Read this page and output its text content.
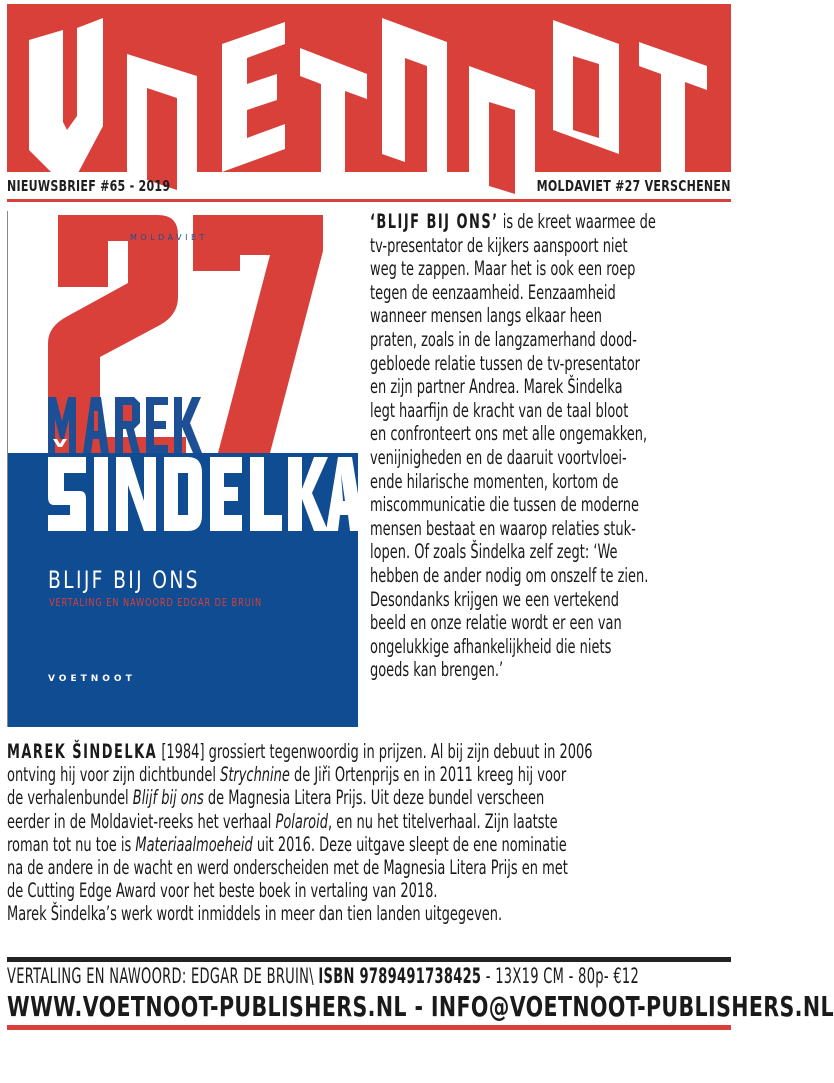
NIEUWSBRIEF #65 - 2019	MOLDAVIET #27 VERSCHENEN
MOLDAVIET
BLIJF BIJ ONS
VERTALING EN NAWOORD EDGAR DE BRUIN
VOETNOOT
‘BLIJF BIJ ONS’ is de kreet waarmee de
tv-presentator de kijkers aanspoort niet
weg te zappen. Maar het is ook een roep
tegen de eenzaamheid. Eenzaamheid
wanneer mensen langs elkaar heen
praten, zoals in de langzamerhand dood-
gebloede relatie tussen de tv-presentator
en zijn partner Andrea. Marek Šindelka
legt haarfijn de kracht van de taal bloot
en confronteert ons met alle ongemakken,
venijnigheden en de daaruit voortvloei-
ende hilarische momenten, kortom de
miscommunicatie die tussen de moderne
mensen bestaat en waarop relaties stuk-
lopen. Of zoals Šindelka zelf zegt: ‘We
hebben de ander nodig om onszelf te zien.
Desondanks krijgen we een vertekend
beeld en onze relatie wordt er een van
ongelukkige afhankelijkheid die niets
goeds kan brengen.’
MAREK ŠINDELKA [1984] grossiert tegenwoordig in prijzen. Al bij zijn debuut in 2006
ontving hij voor zijn dichtbundel Strychnine de Jiři Ortenprijs en in 2011 kreeg hij voor
de verhalenbundel Blijf bij ons de Magnesia Litera Prijs. Uit deze bundel verscheen
eerder in de Moldaviet-reeks het verhaal Polaroid, en nu het titelverhaal. Zijn laatste
roman tot nu toe is Materiaalmoeheid uit 2016. Deze uitgave sleept de ene nominatie
na de andere in de wacht en werd onderscheiden met de Magnesia Litera Prijs en met
de Cutting Edge Award voor het beste boek in vertaling van 2018.
Marek Šindelka’s werk wordt inmiddels in meer dan tien landen uitgegeven.
VERTALING EN NAWOORD: EDGAR DE BRUIN\ ISBN 9789491738425 - 13X19 CM - 80p- €12
WWW.VOETNOOT-PUBLISHERS.NL - INFO@VOETNOOT-PUBLISHERS.NL
